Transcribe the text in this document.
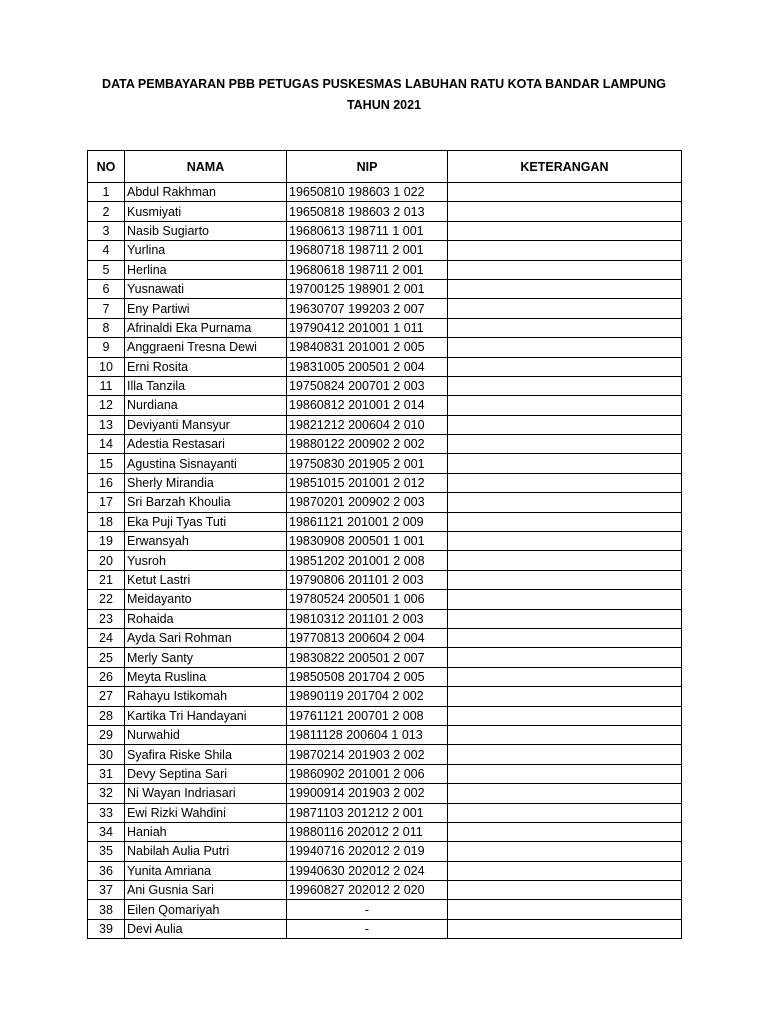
DATA PEMBAYARAN PBB PETUGAS PUSKESMAS LABUHAN RATU KOTA BANDAR LAMPUNG
TAHUN 2021
NO	NAMA	NIP	KETERANGAN
1	Abdul Rakhman	19650810 198603 1 022	
2	Kusmiyati	19650818 198603 2 013	
3	Nasib Sugiarto	19680613 198711 1 001	
4	Yurlina	19680718 198711 2 001	
5	Herlina	19680618 198711 2 001	
6	Yusnawati	19700125 198901 2 001	
7	Eny Partiwi	19630707 199203 2 007	
8	Afrinaldi Eka Purnama	19790412 201001 1 011	
9	Anggraeni Tresna Dewi	19840831 201001 2 005	
10	Erni Rosita	19831005 200501 2 004	
11	Illa Tanzila	19750824 200701 2 003	
12	Nurdiana	19860812 201001 2 014	
13	Deviyanti Mansyur	19821212 200604 2 010	
14	Adestia Restasari	19880122 200902 2 002	
15	Agustina Sisnayanti	19750830 201905 2 001	
16	Sherly Mirandia	19851015 201001 2 012	
17	Sri Barzah Khoulia	19870201 200902 2 003	
18	Eka Puji Tyas Tuti	19861121 201001 2 009	
19	Erwansyah	19830908 200501 1 001	
20	Yusroh	19851202 201001 2 008	
21	Ketut Lastri	19790806 201101 2 003	
22	Meidayanto	19780524 200501 1 006	
23	Rohaida	19810312 201101 2 003	
24	Ayda Sari Rohman	19770813 200604 2 004	
25	Merly Santy	19830822 200501 2 007	
26	Meyta Ruslina	19850508 201704 2 005	
27	Rahayu Istikomah	19890119 201704 2 002	
28	Kartika Tri Handayani	19761121 200701 2 008	
29	Nurwahid	19811128 200604 1 013	
30	Syafira Riske Shila	19870214 201903 2 002	
31	Devy Septina Sari	19860902 201001 2 006	
32	Ni Wayan Indriasari	19900914 201903 2 002	
33	Ewi Rizki Wahdini	19871103 201212 2 001	
34	Haniah	19880116 202012 2 011	
35	Nabilah Aulia Putri	19940716 202012 2 019	
36	Yunita Amriana	19940630 202012 2 024	
37	Ani Gusnia Sari	19960827 202012 2 020	
38	Eilen Qomariyah	-	
39	Devi Aulia	-	
